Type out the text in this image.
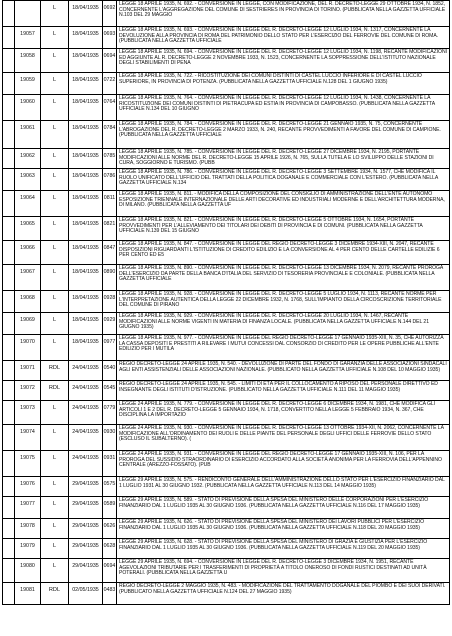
		L	18/04/1935	0692	LEGGE 18 APRILE 1935, N. 692. - CONVERSIONE IN LEGGE, CON MODIFICAZIONE, DEL R. DECRETO-LEGGE 29 OTTOBRE 1934, N. 1852, CONCERNENTE L'AGGREGAZIONE DEL COMUNE DI SESTRIERES IN PROVINCIA DI TORINO. (PUBBLICATA NELLA GAZZETTA UFFICIALE N.103 DEL 29 MAGGIO
	19057	L	18/04/1935	0693	LEGGE 18 APRILE 1935, N. 693. - CONVERSIONE IN LEGGE DEL R. DECRETO-LEGGE 12 LUGLIO 1934, N. 1317, CONCERNENTE LA DEVOLUZIONE ALLA PROVINCIA DI ROMA DEL PATRIMONIO DELLO STATO PER L'ESERCIZIO DEL FERROVIE DEL COMUNE DI ROMA. (PUBBLICATA NELLA GAZZETTA UFFICIALE
	19058	L	18/04/1935	0694	LEGGE 18 APRILE 1935, N. 694. - CONVERSIONE IN LEGGE DEL R. DECRETO-LEGGE 12 LUGLIO 1934, N. 1198, RECANTE MODIFICAZIONI ED AGGIUNTE AL R. DECRETO-LEGGE 2 NOVEMBRE 1933, N. 1523, CONCERNENTE LA SOPPRESSIONE DELL'ISTITUTO NAZIONALE DEGLI STABILIMENTI DI PENA
	19059	L	18/04/1935	0722	LEGGE 18 APRILE 1935, N. 722. - RICOSTITUZIONE DEI COMUNI DISTINTI DI CASTEL LUCCIO INFERIORE E DI CASTEL LUCCIO SUPERIORE, IN PROVINCIA DI POTENZA. (PUBBLICATA NELLA GAZZETTA UFFICIALE N.128 DEL 1 GIUGNO 1935)
	19060	L	18/04/1935	0764	LEGGE 18 APRILE 1935, N. 764. - CONVERSIONE IN LEGGE DEL R. DECRETO-LEGGE 12 LUGLIO 1934, N. 1438, CONCERNENTE LA RICOSTITUZIONE DEI COMUNI DISTINTI DI PIETRACUPA ED ESTIA IN PROVINCIA DI CAMPOBASSO. (PUBBLICATA NELLA GAZZETTA UFFICIALE N.134 DEL 10 GIUGNO
	19061	L	18/04/1935	0784	LEGGE 18 APRILE 1935, N. 784. - CONVERSIONE IN LEGGE DEL R. DECRETO-LEGGE 21 GENNAIO 1935, N. 75, CONCERNENTE L'ABROGAZIONE DEL R. DECRETO-LEGGE 2 MARZO 1933, N. 240, RECANTE PROVVEDIMENTI A FAVORE DEL COMUNE DI CAMPIONE. (PUBBLICATA NELLA GAZZETTA UFFICIALE
	19062	L	18/04/1935	0785	LEGGE 18 APRILE 1935, N. 785. - CONVERSIONE IN LEGGE DEL R. DECRETO-LEGGE 27 DICEMBRE 1934, N. 2195, PORTANTE MODIFICAZIONI ALLE NORME DEL R. DECRETO-LEGGE 15 APRILE 1926, N. 765, SULLA TUTELA E LO SVILUPPO DELLE STAZIONI DI CURA, SOGGIORNO E TURISMO. (PUBB
	19063	L	18/04/1935	0786	LEGGE 18 APRILE 1935, N. 786. - CONVERSIONE IN LEGGE DEL R. DECRETO-LEGGE 3 SETTEMBRE 1934, N. 1577, CHE MODIFICA IL RUOLO UNIFICATO DELL'UFFICIO DEL TRATTATI DELLA POLITICA DOGANALE E COMMERCIALE CON L'ESTERO. (PUBBLICATA NELLA GAZZETTA UFFICIALE N.134
	19064	L	18/04/1935	0811	LEGGE 18 APRILE 1935, N. 811. - MODIFICA DELLA COMPOSIZIONE DEL CONSIGLIO DI AMMINISTRAZIONE DELL'ENTE AUTONOMO ESPOSIZIONE TRIENNALE INTERNAZIONALE DELLE ARTI DECORATIVE ED INDUSTRIALI MODERNE E DELL'ARCHITETTURA MODERNA, DI MILANO. (PUBBLICATA NELLA GAZZETTA UF
	19065	L	18/04/1935	0821	LEGGE 18 APRILE 1935, N. 821. - CONVERSIONE IN LEGGE DEL R. DECRETO-LEGGE 5 OTTOBRE 1934, N. 1654, PORTANTE PROVVEDIMENTI PER L'ALLEVIAMENTO DEI TITOLARI DEI DEBITI DI PROVINCIA E DI COMUNI. (PUBBLICATA NELLA GAZZETTA UFFICIALE N.139 DEL 15 GIUGNO
	19066	L	18/04/1935	0847	LEGGE 18 APRILE 1935, N. 847. - CONVERSIONE IN LEGGE DEL REGIO DECRETO-LEGGE 3 DICEMBRE 1934-XIII, N. 2047, RECANTE DISPOSIZIONI RIGUARDANTI L'ISTITUZIONE DI CREDITO EDILIZIO E LA CONVERSIONE AL 4 PER CENTO DELLE CARTELLE EDILIZIE 6 PER CENTO ED E5
	19067	L	18/04/1935	0890	LEGGE 18 APRILE 1935, N. 890. - CONVERSIONE IN LEGGE DEL R. DECRETO-LEGGE 13 DICEMBRE 1934, N. 2079, RECANTE PROROGA DELL'ESERCIZIO DA PARTE DELLA BANCA D'ITALIA DEL SERVIZIO DI TESORERIA PROVINCIALE E COLONIALE. (PUBBLICATA NELLA GAZZETTA UFFICIALE
	19068	L	18/04/1935	0928	LEGGE 18 APRILE 1935, N. 928. - CONVERSIONE IN LEGGE DEL R. DECRETO-LEGGE 5 LUGLIO 1934, N. 1113, RECANTE NORME PER L'INTERPRETAZIONE AUTENTICA DELLA LEGGE 22 DICEMBRE 1932, N. 1768, SULL'IMPIANTO DELLA CIRCOSCRIZIONE TERRITORIALE DEL COMUNE DI PIRANO
	19069	L	18/04/1935	0929	LEGGE 18 APRILE 1935, N. 929. - CONVERSIONE IN LEGGE DEL R. DECRETO-LEGGE 20 LUGLIO 1934, N. 1467, RECANTE MODIFICAZIONI ALLE NORME VIGENTI IN MATERIA DI FINANZA LOCALE. (PUBBLICATA NELLA GAZZETTA UFFICIALE N.144 DEL 21 GIUGNO 1935)
	19070	L	18/04/1935	0977	LEGGE 18 APRILE 1935, N. 977. - CONVERSIONE IN LEGGE DEL REGIO DECRETO-LEGGE 17 GENNAIO 1935-XIII, N. 35, CHE AUTORIZZA LA CASSA DEPOSITI E PRESTITI A RILEVARE I MUTUI CONCESSI DAL CONSORZIO DI CREDITO PER LE OPERE PUBBLICHE ALL'ENTE EDILIZIO PER I MUTILA
	19071	RDL	24/04/1935	0540	REGIO DECRETO-LEGGE 24 APRILE 1935, N. 540. - DEVOLUZIONE DI PARTE DEL FONDO DI GARANZIA DELLE ASSOCIAZIONI SINDACALI AGLI ENTI ASSISTENZIALI DELLE ASSOCIAZIONI NAZIONALE. (PUBBLICATO NELLA GAZZETTA UFFICIALE N.108 DEL 10 MAGGIO 1935)
	19072	RDL	24/04/1935	0545	REGIO DECRETO-LEGGE 24 APRILE 1935, N. 545. - LIMITI DI ETÀ PER IL COLLOCAMENTO A RIPOSO DEL PERSONALE DIRETTIVO ED INSEGNANTE DEGLI ISTITUTI D'ISTRUZIONE. (PUBBLICATO NELLA GAZZETTA UFFICIALE N.111 DEL 11 MAGGIO 1935)
	19073	L	24/04/1935	0779	LEGGE 24 APRILE 1935, N. 779. - CONVERSIONE IN LEGGE DEL R. DECRETO-LEGGE 6 DICEMBRE 1934, N. 1981, CHE MODIFICA GLI ARTICOLI 1 E 2 DEL R. DECRETO-LEGGE 5 GENNAIO 1934, N. 1718, CONVERTITO NELLA LEGGE 5 FEBBRAIO 1934, N. 367, CHE DISCIPLINA LA IMPORTAZIO
	19074	L	24/04/1935	0930	LEGGE 24 APRILE 1935, N. 930. - CONVERSIONE IN LEGGE DEL R. DECRETO-LEGGE 13 OTTOBRE 1934-XII, N. 2062, CONCERNENTE LA MODIFICAZIONE ALL'ORDINAMENTO DEI RUOLI E DELLE PIANTE DEL PERSONALE DEGLI UFFICI DELLE FERROVIE DELLO STATO (ESCLUSO IL SUBALTERNO). (
	19075	L	24/04/1935	0931	LEGGE 24 APRILE 1935, N. 931. - CONVERSIONE IN LEGGE DEL REGIO DECRETO-LEGGE 17 GENNAIO 1935-XIII, N. 106, PER LA PROROGA DEL SUSSIDIO STRAORDINARIO DI ESERCIZIO ACCORDATO ALLA SOCIETÀ ANONIMA PER LA FERROVIA DELL'APPENNINO CENTRALE (AREZZO-FOSSATO). (PUB
	19076	L	29/04/1935	0575	LEGGE 29 APRILE 1935, N. 575. - RENDICONTO GENERALE DELL'AMMINISTRAZIONE DELLO STATO PER L'ESERCIZIO FINANZIARIO DAL 1 LUGLIO 1931 AL 30 GIUGNO 1932. (PUBBLICATA NELLA GAZZETTA UFFICIALE N.113 DEL 14 MAGGIO 1935)
	19077	L	29/04/1935	0589	LEGGE 29 APRILE 1935, N. 589. - STATO DI PREVISIONE DELLA SPESA DEL MINISTERO DELLE CORPORAZIONI PER L'ESERCIZIO FINANZIARIO DAL 1 LUGLIO 1935 AL 30 GIUGNO 1936. (PUBBLICATA NELLA GAZZETTA UFFICIALE N.116 DEL 17 MAGGIO 1935)
	19078	L	29/04/1935	0626	LEGGE 29 APRILE 1935, N. 626. - STATO DI PREVISIONE DELLA SPESA DEL MINISTERO DEI LAVORI PUBBLICI PER L'ESERCIZIO FINANZIARIO DAL 1 LUGLIO 1935 AL 30 GIUGNO 1936. (PUBBLICATA NELLA GAZZETTA UFFICIALE N.118 DEL 20 MAGGIO 1935)
	19079	L	29/04/1935	0628	LEGGE 29 APRILE 1935, N. 628. - STATO DI PREVISIONE DELLA SPESA DEL MINISTERO DI GRAZIA E GIUSTIZIA PER L'ESERCIZIO FINANZIARIO DAL 1 LUGLIO 1935 AL 30 GIUGNO 1936. (PUBBLICATA NELLA GAZZETTA UFFICIALE N.119 DEL 20 MAGGIO 1935)
	19080	L	29/04/1935	0694	LEGGE 29 APRILE 1935, N. 694. - CONVERSIONE IN LEGGE DEL R. DECRETO-LEGGE 3 DICEMBRE 1934, N. 1951, RECANTE AGEVOLAZIONI TRIBUTARIE PER I TRASFERIMENTI DI PROPRIETÀ A TITOLO ONEROSO DI FONDI RUSTICI DESTINATI AD UNITÀ POTERALI. (PUBBLICATA NELLA GAZZETTA U
	19081	RDL	02/05/1935	0483	REGIO DECRETO-LEGGE 2 MAGGIO 1935, N. 483. - MODIFICAZIONE DEL TRATTAMENTO DOGANALE DEL PIOMBO E DEI SUOI DERIVATI. (PUBBLICATO NELLA GAZZETTA UFFICIALE N.124 DEL 27 MAGGIO 1935)
